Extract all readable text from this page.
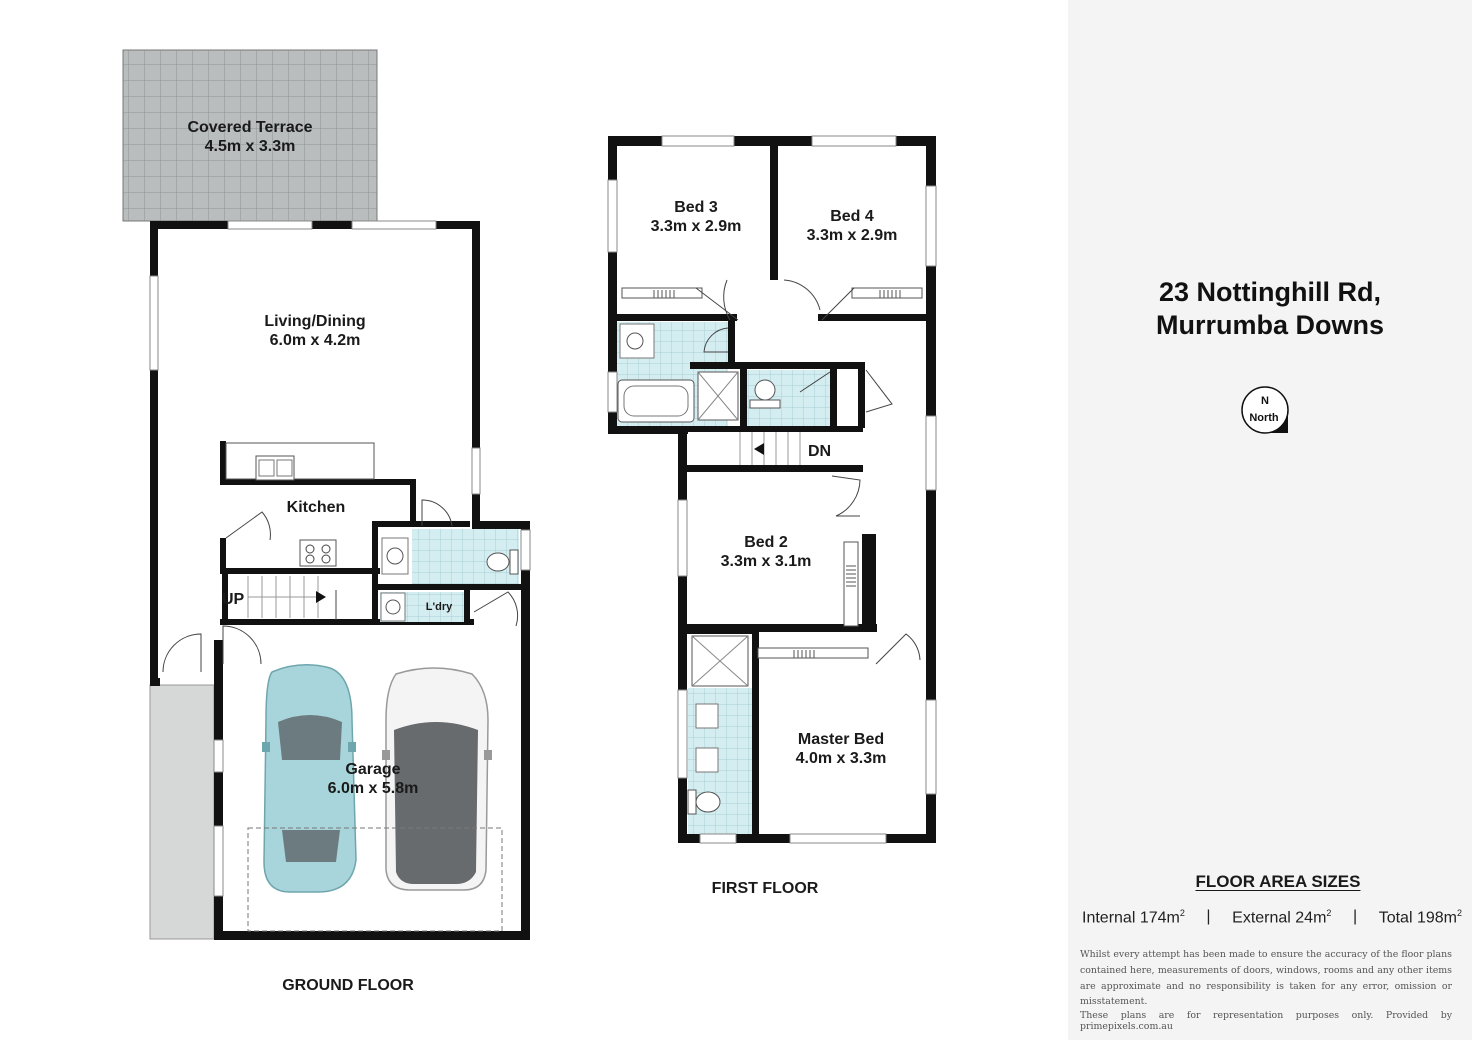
Covered Terrace
4.5m x 3.3m
Living/Dining
6.0m x 4.2m
Kitchen
UP	L'dry
Garage
6.0m x 5.8m
GROUND FLOOR
Bed 3
3.3m x 2.9m
Bed 4
3.3m x 2.9m
DN
Bed 2
3.3m x 3.1m
Master Bed
4.0m x 3.3m
FIRST FLOOR
23 Nottinghill Rd,
Murrumba Downs
N
North
FLOOR AREA SIZES
Internal $174m^2$ | External $24m^2$ | Total $198m^2$
Whilst every attempt has been made to ensure the accuracy of the floor plans contained here, measurements of doors, windows, rooms and any other items are approximate and no responsibility is taken for any error, omission or misstatement.
These plans are for representation purposes only. Provided by primepixels.com.au
